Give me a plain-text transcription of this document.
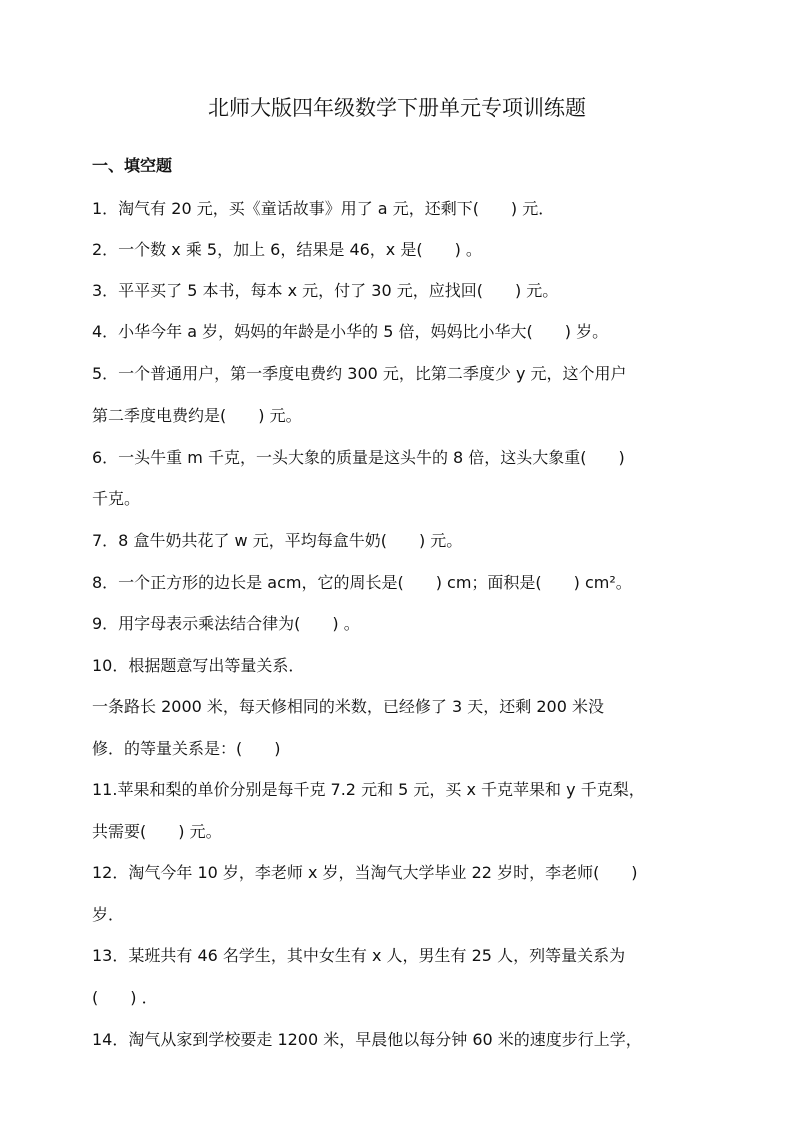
北师大版四年级数学下册单元专项训练题
一、填空题

1．淘气有 20 元，买《童话故事》用了 a 元，还剩下(　　) 元．

2．一个数 x 乘 5，加上 6，结果是 46，x 是(　　) 。

3．平平买了 5 本书，每本 x 元，付了 30 元，应找回(　　) 元。

4．小华今年 a 岁，妈妈的年龄是小华的 5 倍，妈妈比小华大(　　) 岁。

5．一个普通用户，第一季度电费约 300 元，比第二季度少 y 元，这个用户

第二季度电费约是(　　) 元。

6．一头牛重 m 千克，一头大象的质量是这头牛的 8 倍，这头大象重(　　)

千克。

7．8 盒牛奶共花了 w 元，平均每盒牛奶(　　) 元。

8．一个正方形的边长是 acm，它的周长是(　　) cm；面积是(　　) cm²。

9．用字母表示乘法结合律为(　　) 。

10．根据题意写出等量关系．

一条路长 2000 米，每天修相同的米数，已经修了 3 天，还剩 200 米没

修．的等量关系是：(　　)

11.苹果和梨的单价分别是每千克 7.2 元和 5 元，买 x 千克苹果和 y 千克梨，

共需要(　　) 元。

12．淘气今年 10 岁，李老师 x 岁，当淘气大学毕业 22 岁时，李老师(　　)

岁．

13．某班共有 46 名学生，其中女生有 x 人，男生有 25 人，列等量关系为

(　　) ．

14．淘气从家到学校要走 1200 米，早晨他以每分钟 60 米的速度步行上学，
